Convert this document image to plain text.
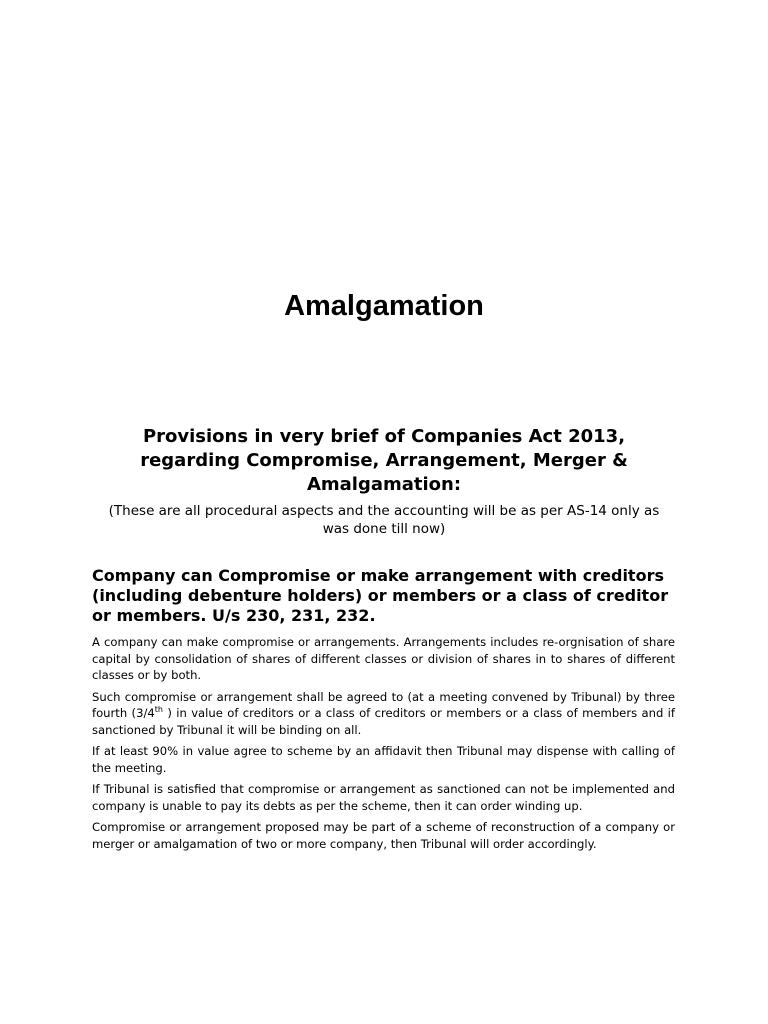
Amalgamation

Provisions in very brief of Companies Act 2013, regarding Compromise, Arrangement, Merger & Amalgamation:

(These are all procedural aspects and the accounting will be as per AS-14 only as was done till now)

Company can Compromise or make arrangement with creditors (including debenture holders) or members or a class of creditor or members. U/s 230, 231, 232.

A company can make compromise or arrangements. Arrangements includes re-orgnisation of share capital by consolidation of shares of different classes or division of shares in to shares of different classes or by both.

Such compromise or arrangement shall be agreed to (at a meeting convened by Tribunal) by three fourth (3/4th ) in value of creditors or a class of creditors or members or a class of members and if sanctioned by Tribunal it will be binding on all.

If at least 90% in value agree to scheme by an affidavit then Tribunal may dispense with calling of the meeting.

If Tribunal is satisfied that compromise or arrangement as sanctioned can not be implemented and company is unable to pay its debts as per the scheme, then it can order winding up.

Compromise or arrangement proposed may be part of a scheme of reconstruction of a company or merger or amalgamation of two or more company, then Tribunal will order accordingly.
